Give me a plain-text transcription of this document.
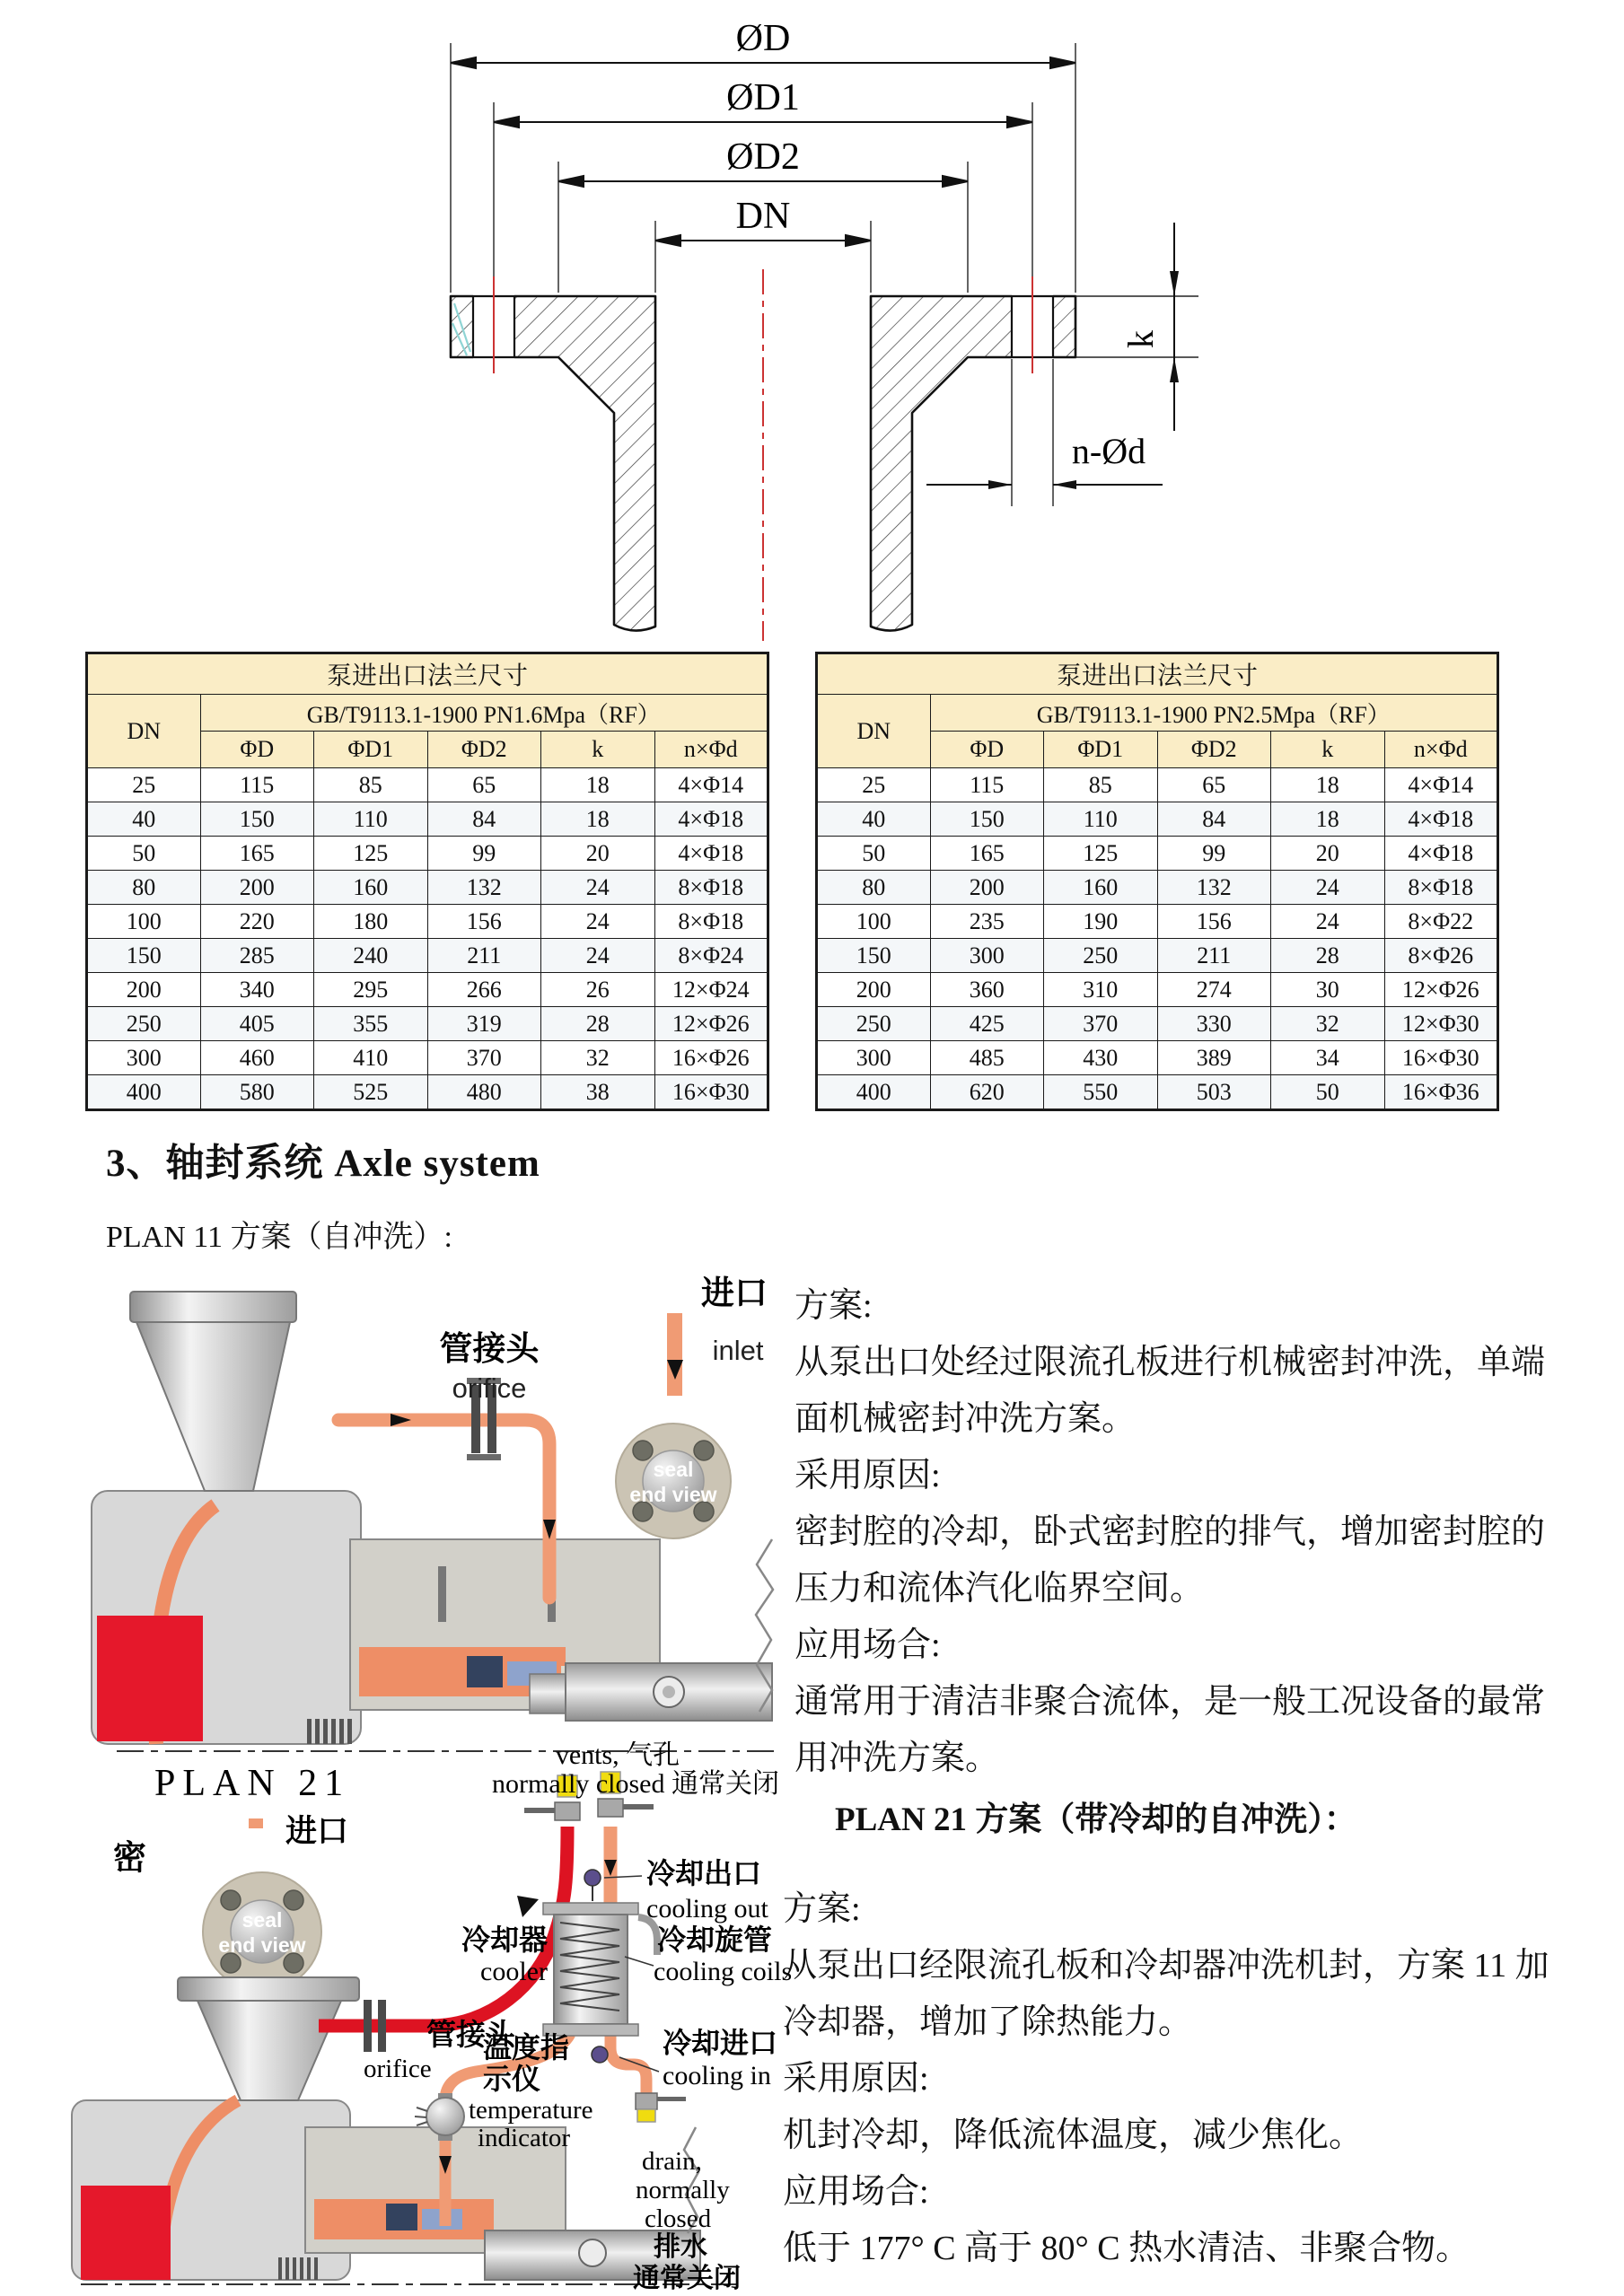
ØD
ØD1
ØD2
DN
k
n-Ød
泵进出口法兰尺寸					
DN	GB/T9113.1-1900 PN1.6Mpa（RF）				
	ΦD	ΦD1	ΦD2	k	n×Φd
25	115	85	65	18	4×Φ14
40	150	110	84	18	4×Φ18
50	165	125	99	20	4×Φ18
80	200	160	132	24	8×Φ18
100	220	180	156	24	8×Φ18
150	285	240	211	24	8×Φ24
200	340	295	266	26	12×Φ24
250	405	355	319	28	12×Φ26
300	460	410	370	32	16×Φ26
400	580	525	480	38	16×Φ30
泵进出口法兰尺寸					
DN	GB/T9113.1-1900 PN2.5Mpa（RF）				
	ΦD	ΦD1	ΦD2	k	n×Φd
25	115	85	65	18	4×Φ14
40	150	110	84	18	4×Φ18
50	165	125	99	20	4×Φ18
80	200	160	132	24	8×Φ18
100	235	190	156	24	8×Φ22
150	300	250	211	28	8×Φ26
200	360	310	274	30	12×Φ26
250	425	370	330	32	12×Φ30
300	485	430	389	34	16×Φ30
400	620	550	503	50	16×Φ36
3、轴封系统 Axle system
PLAN 11 方案（自冲洗）:
seal
end view
管接头
orifice
进口
inlet
方案:
从泵出口处经过限流孔板进行机械密封冲洗，单端
面机械密封冲洗方案。
采用原因:
密封腔的冷却，卧式密封腔的排气，增加密封腔的
压力和流体汽化临界空间。
应用场合:
通常用于清洁非聚合流体，是一般工况设备的最常
用冲洗方案。
PLAN 21 方案（带冷却的自冲洗）：
方案:
从泵出口经限流孔板和冷却器冲洗机封，方案 11 加
冷却器，增加了除热能力。
采用原因:
机封冷却，降低流体温度，减少焦化。
应用场合:
低于 177° C 高于 80° C 热水清洁、非聚合物。
PLAN 21
进口
密
seal
end view
vents, 气孔
normally closed 通常关闭
冷却出口
cooling out
冷却器
cooler
冷却旋管
cooling coils
管接头
orifice
温度指
示仪
temperature
indicator
冷却进口
cooling in
drain,
normally
closed
排水
通常关闭
